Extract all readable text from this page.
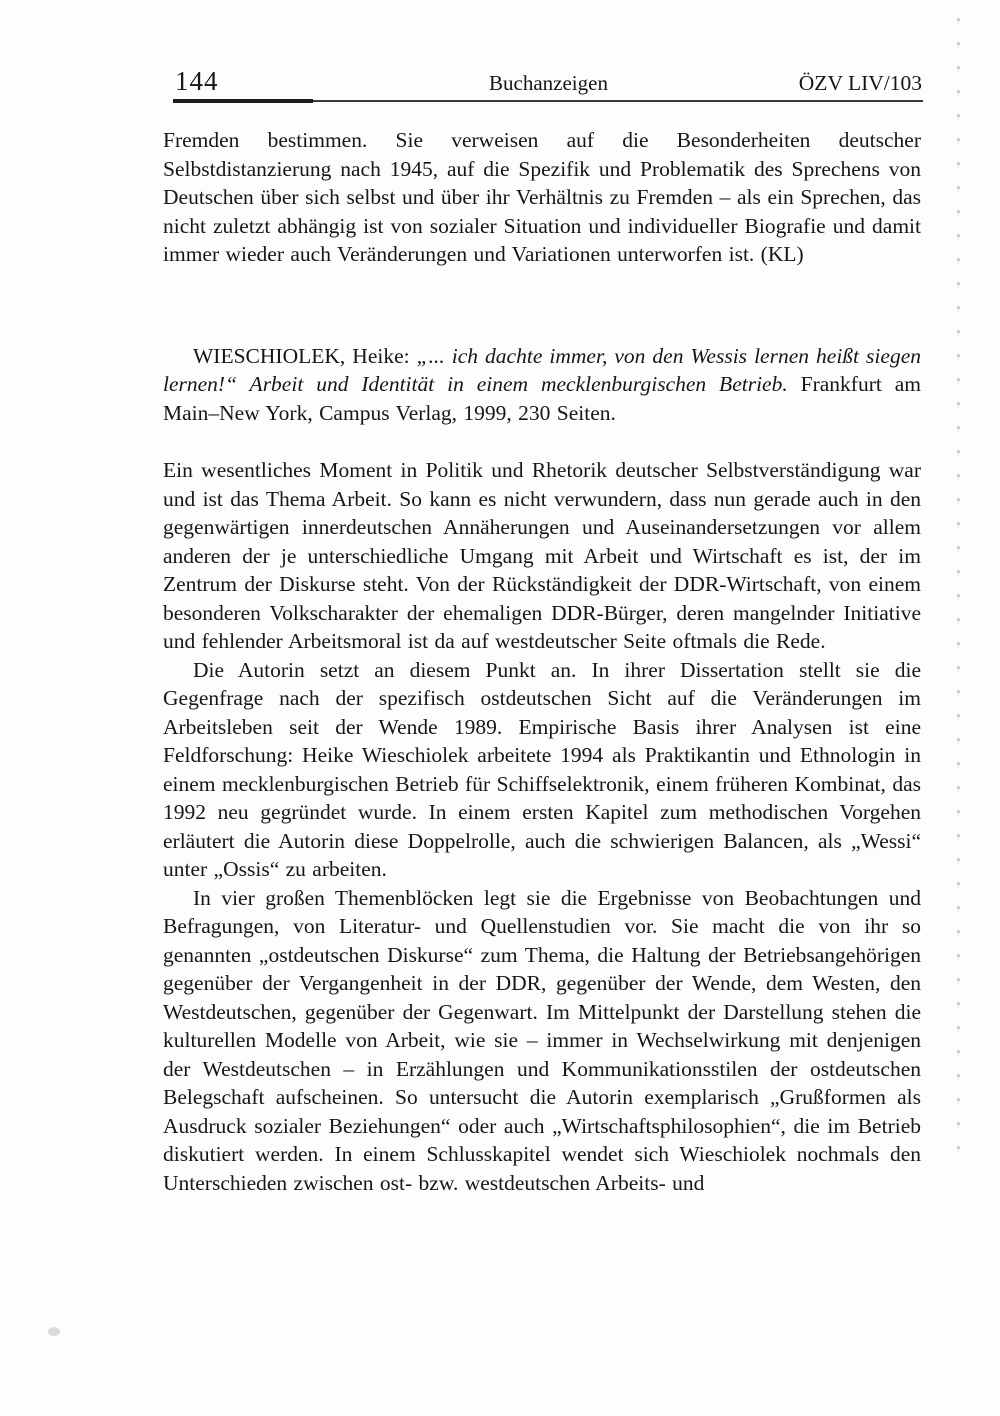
144	Buchanzeigen	ÖZV LIV/103

Fremden bestimmen. Sie verweisen auf die Besonderheiten deutscher Selbstdistanzierung nach 1945, auf die Spezifik und Problematik des Sprechens von Deutschen über sich selbst und über ihr Verhältnis zu Fremden – als ein Sprechen, das nicht zuletzt abhängig ist von sozialer Situation und individueller Biografie und damit immer wieder auch Veränderungen und Variationen unterworfen ist. (KL)

WIESCHIOLEK, Heike: „... ich dachte immer, von den Wessis lernen heißt siegen lernen!“ Arbeit und Identität in einem mecklenburgischen Betrieb. Frankfurt am Main–New York, Campus Verlag, 1999, 230 Seiten.

Ein wesentliches Moment in Politik und Rhetorik deutscher Selbstverständigung war und ist das Thema Arbeit. So kann es nicht verwundern, dass nun gerade auch in den gegenwärtigen innerdeutschen Annäherungen und Auseinandersetzungen vor allem anderen der je unterschiedliche Umgang mit Arbeit und Wirtschaft es ist, der im Zentrum der Diskurse steht. Von der Rückständigkeit der DDR-Wirtschaft, von einem besonderen Volkscharakter der ehemaligen DDR-Bürger, deren mangelnder Initiative und fehlender Arbeitsmoral ist da auf westdeutscher Seite oftmals die Rede.

Die Autorin setzt an diesem Punkt an. In ihrer Dissertation stellt sie die Gegenfrage nach der spezifisch ostdeutschen Sicht auf die Veränderungen im Arbeitsleben seit der Wende 1989. Empirische Basis ihrer Analysen ist eine Feldforschung: Heike Wieschiolek arbeitete 1994 als Praktikantin und Ethnologin in einem mecklenburgischen Betrieb für Schiffselektronik, einem früheren Kombinat, das 1992 neu gegründet wurde. In einem ersten Kapitel zum methodischen Vorgehen erläutert die Autorin diese Doppelrolle, auch die schwierigen Balancen, als „Wessi“ unter „Ossis“ zu arbeiten.

In vier großen Themenblöcken legt sie die Ergebnisse von Beobachtungen und Befragungen, von Literatur- und Quellenstudien vor. Sie macht die von ihr so genannten „ostdeutschen Diskurse“ zum Thema, die Haltung der Betriebsangehörigen gegenüber der Vergangenheit in der DDR, gegenüber der Wende, dem Westen, den Westdeutschen, gegenüber der Gegenwart. Im Mittelpunkt der Darstellung stehen die kulturellen Modelle von Arbeit, wie sie – immer in Wechselwirkung mit denjenigen der Westdeutschen – in Erzählungen und Kommunikationsstilen der ostdeutschen Belegschaft aufscheinen. So untersucht die Autorin exemplarisch „Grußformen als Ausdruck sozialer Beziehungen“ oder auch „Wirtschaftsphilosophien“, die im Betrieb diskutiert werden. In einem Schlusskapitel wendet sich Wieschiolek nochmals den Unterschieden zwischen ost- bzw. westdeutschen Arbeits- und
